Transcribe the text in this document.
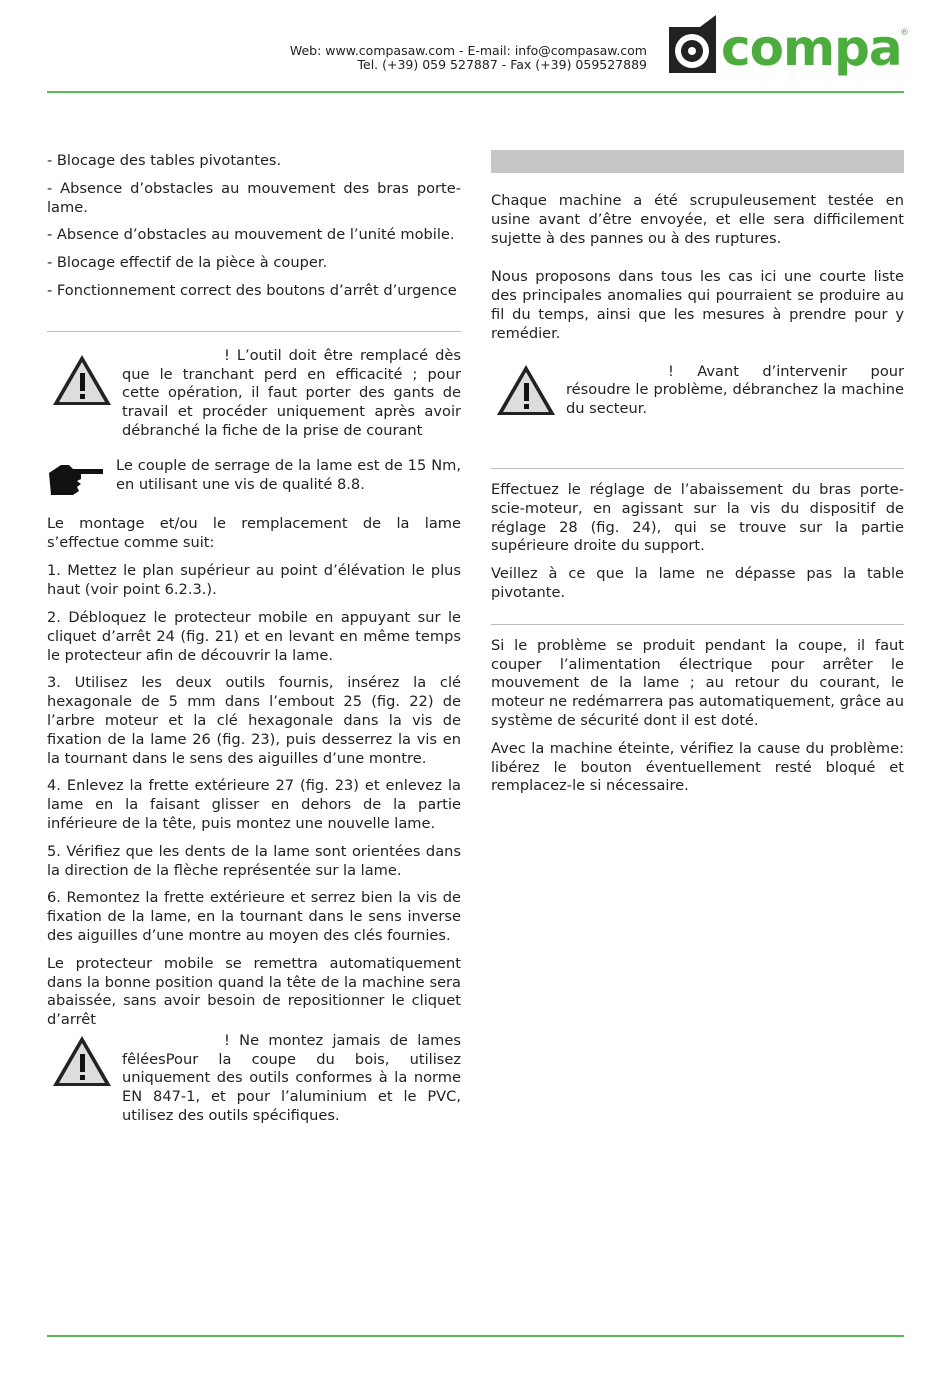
Web: www.compasaw.com - E-mail: info@compasaw.com
Tel. (+39) 059 527887 - Fax (+39) 059527889 compa
®

- Blocage des tables pivotantes.

- Absence d’obstacles au mouvement des bras porte-lame.

- Absence d’obstacles au mouvement de l’unité mobile.

- Blocage effectif de la pièce à couper.

- Fonctionnement correct des boutons d’arrêt d’urgence

! L’outil doit être remplacé dès que le tranchant perd en efficacité ; pour cette opération, il faut porter des gants de travail et procéder uniquement après avoir débranché la fiche de la prise de courant
Le couple de serrage de la lame est de 15 Nm, en utilisant une vis de qualité 8.8.

Le montage et/ou le remplacement de la lame s’effectue comme suit:

1. Mettez le plan supérieur au point d’élévation le plus haut (voir point 6.2.3.).

2. Débloquez le protecteur mobile en appuyant sur le cliquet d’arrêt 24 (fig. 21) et en levant en même temps le protecteur afin de découvrir la lame.

3. Utilisez les deux outils fournis, insérez la clé hexagonale de 5 mm dans l’embout 25 (fig. 22) de l’arbre moteur et la clé hexagonale dans la vis de fixation de la lame 26 (fig. 23), puis desserrez la vis en la tournant dans le sens des aiguilles d’une montre.

4. Enlevez la frette extérieure 27 (fig. 23) et enlevez la lame en la faisant glisser en dehors de la partie inférieure de la tête, puis montez une nouvelle lame.

5. Vérifiez que les dents de la lame sont orientées dans la direction de la flèche représentée sur la lame.

6. Remontez la frette extérieure et serrez bien la vis de fixation de la lame, en la tournant dans le sens inverse des aiguilles d’une montre au moyen des clés fournies.

Le protecteur mobile se remettra automatiquement dans la bonne position quand la tête de la machine sera abaissée, sans avoir besoin de repositionner le cliquet d’arrêt

! Ne montez jamais de lames fêléesPour la coupe du bois, utilisez uniquement des outils conformes à la norme EN 847-1, et pour l’aluminium et le PVC, utilisez des outils spécifiques.

Chaque machine a été scrupuleusement testée en usine avant d’être envoyée, et elle sera difficilement sujette à des pannes ou à des ruptures.

Nous proposons dans tous les cas ici une courte liste des principales anomalies qui pourraient se produire au fil du temps, ainsi que les mesures à prendre pour y remédier.

! Avant d’intervenir pour résoudre le problème, débranchez la machine du secteur.

Effectuez le réglage de l’abaissement du bras porte-scie-moteur, en agissant sur la vis du dispositif de réglage 28 (fig. 24), qui se trouve sur la partie supérieure droite du support.

Veillez à ce que la lame ne dépasse pas la table pivotante.

Si le problème se produit pendant la coupe, il faut couper l’alimentation électrique pour arrêter le mouvement de la lame ; au retour du courant, le moteur ne redémarrera pas automatiquement, grâce au système de sécurité dont il est doté.

Avec la machine éteinte, vérifiez la cause du problème: libérez le bouton éventuellement resté bloqué et remplacez-le si nécessaire.
